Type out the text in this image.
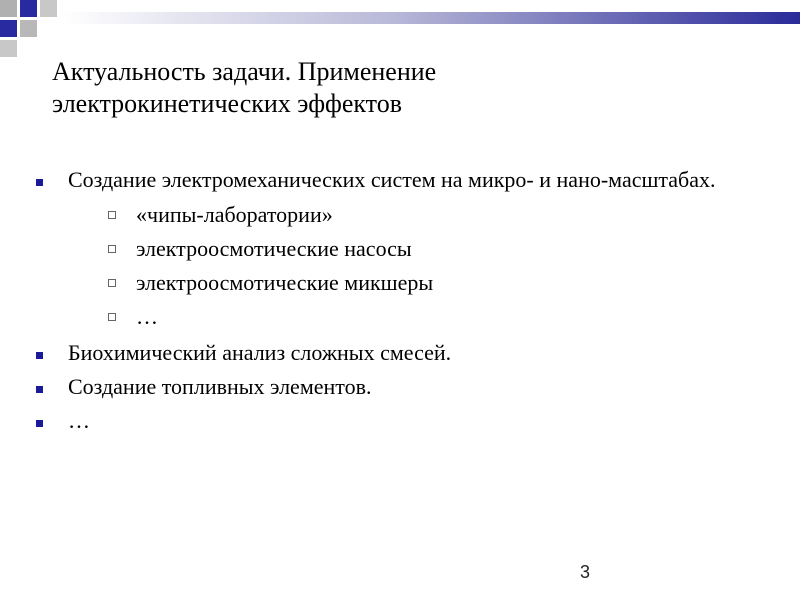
Актуальность задачи. Применение
электрокинетических эффектов
Создание электромеханических систем на микро- и нано-масштабах.
«чипы-лаборатории»
электроосмотические насосы
электроосмотические микшеры
…
Биохимический анализ сложных смесей.
Создание топливных элементов.
…
3
